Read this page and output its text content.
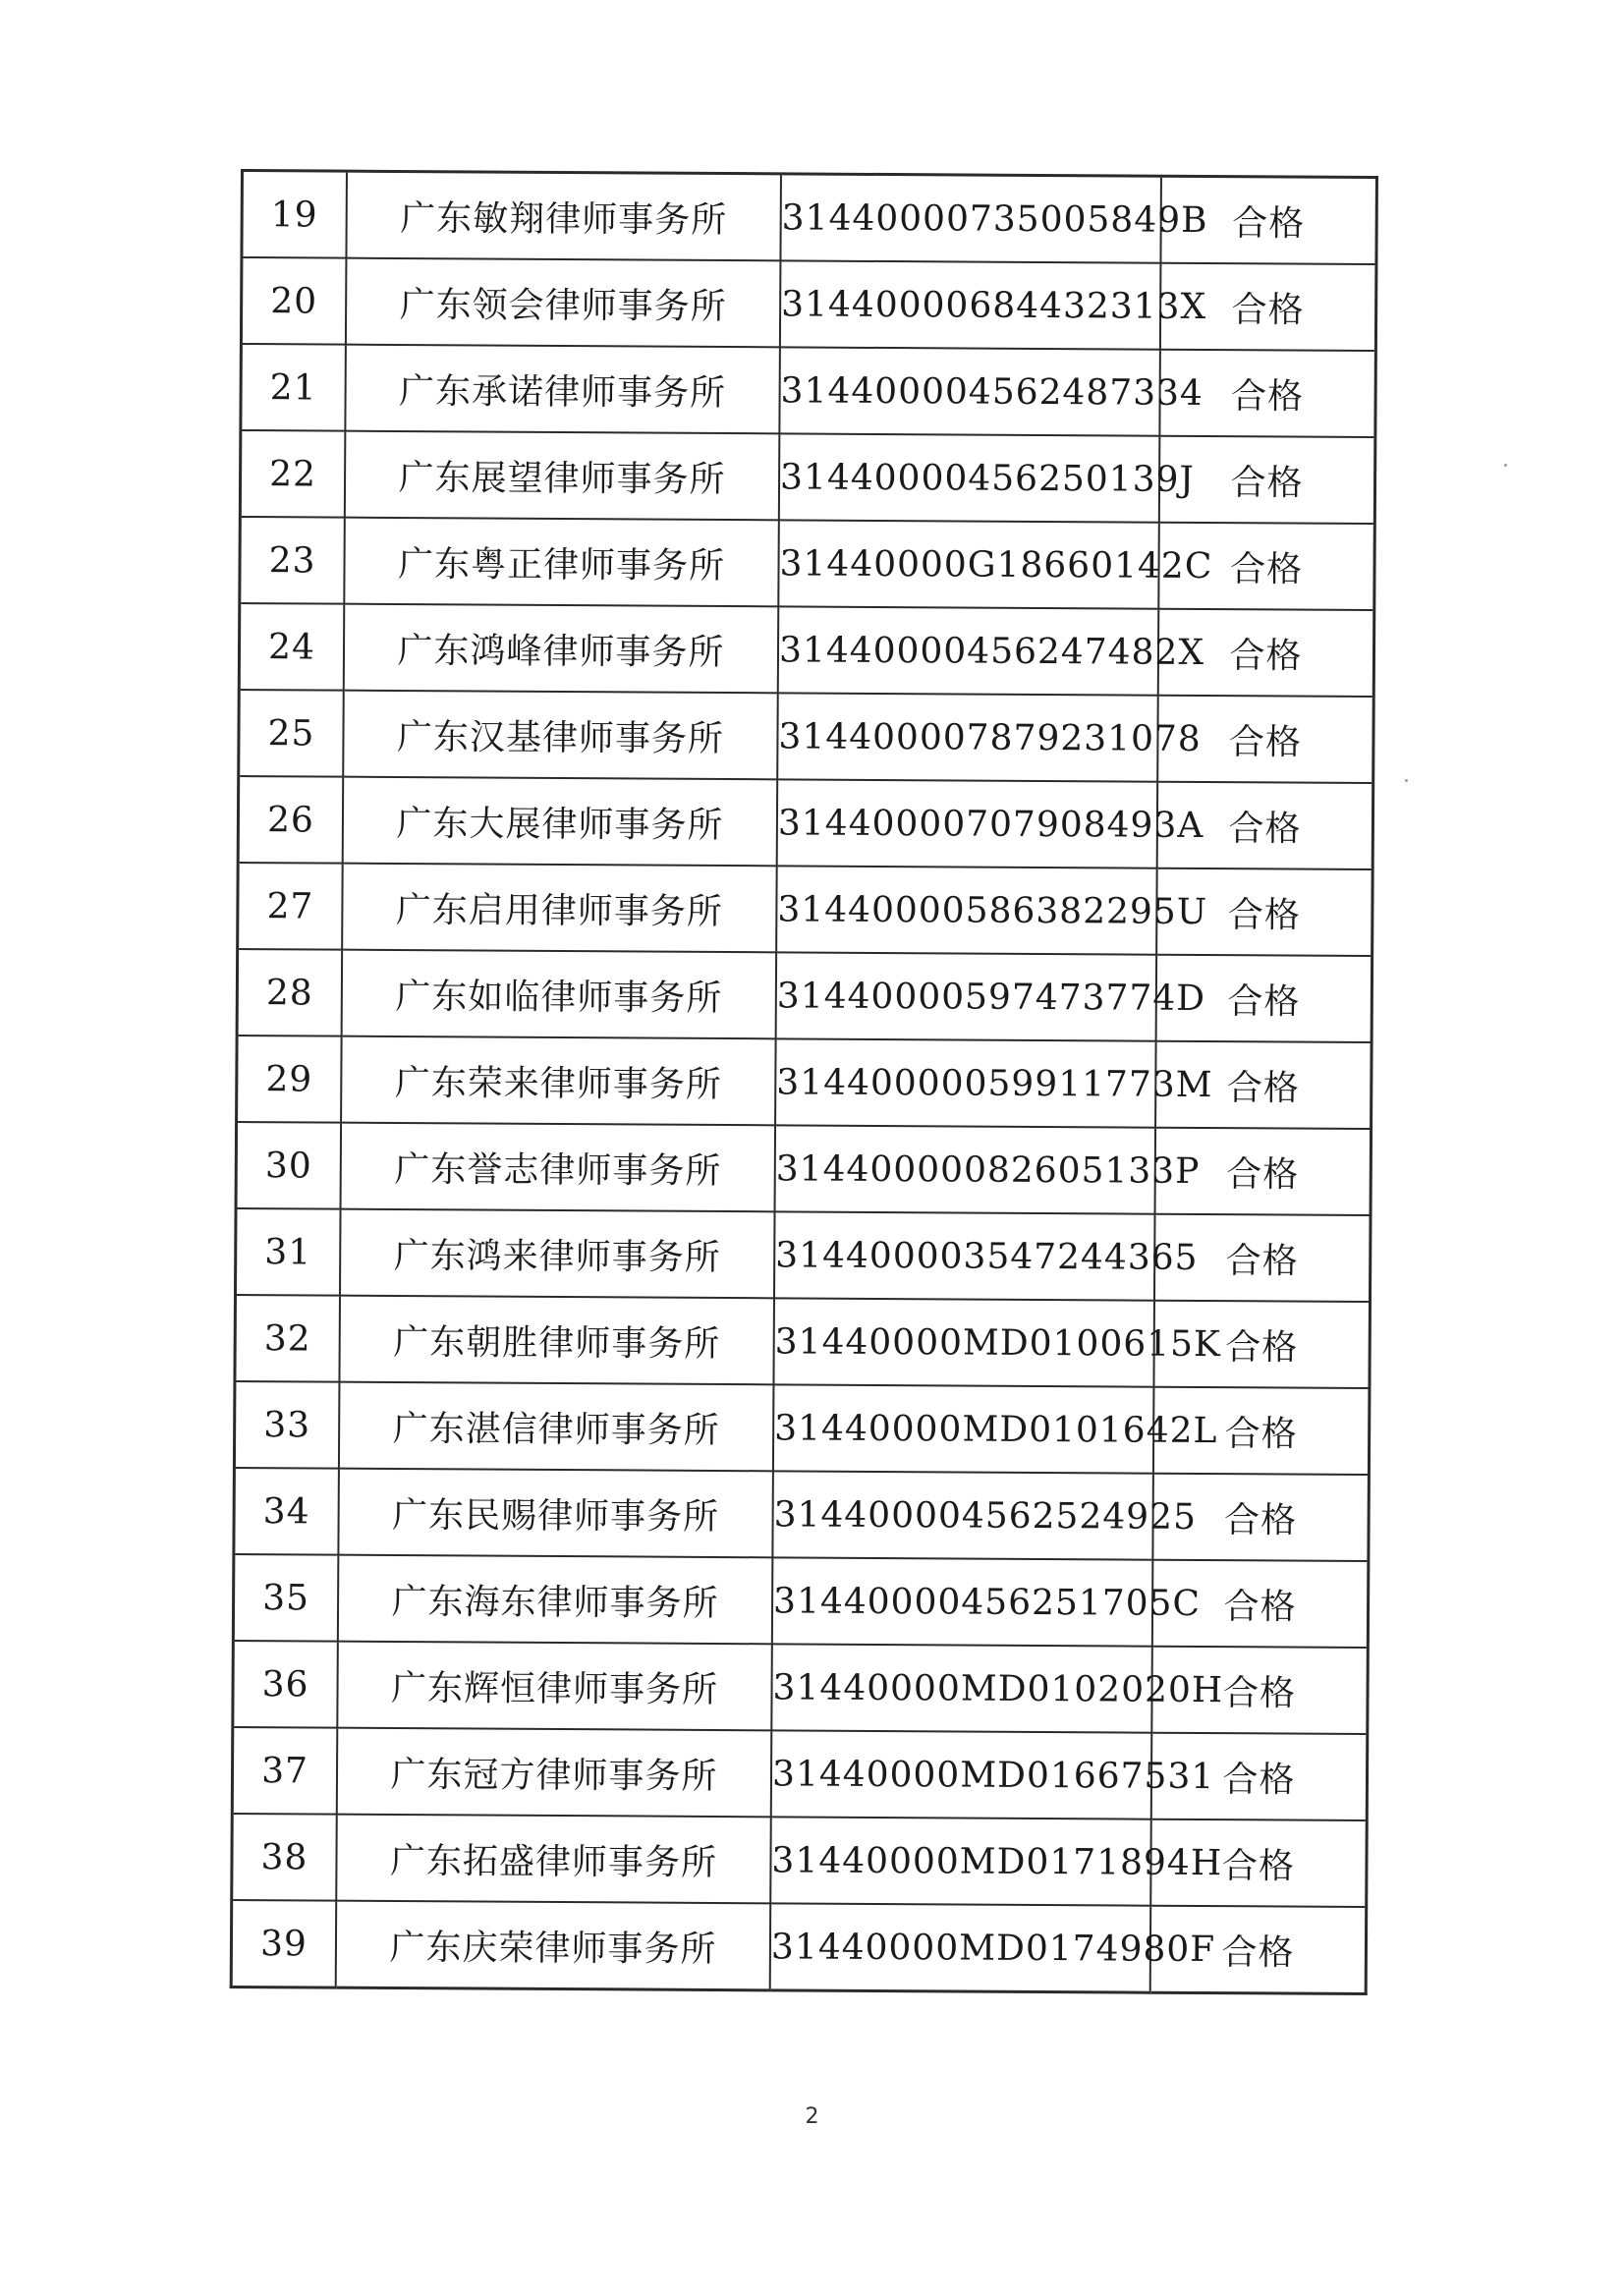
19	广东敏翔律师事务所	31440000735005849B	合格
20	广东领会律师事务所	31440000684432313X	合格
21	广东承诺律师事务所	314400004562487334	合格
22	广东展望律师事务所	31440000456250139J	合格
23	广东粤正律师事务所	31440000G18660142C	合格
24	广东鸿峰律师事务所	31440000456247482X	合格
25	广东汉基律师事务所	314400007879231078	合格
26	广东大展律师事务所	31440000707908493A	合格
27	广东启用律师事务所	31440000586382295U	合格
28	广东如临律师事务所	31440000597473774D	合格
29	广东荣来律师事务所	31440000059911773M	合格
30	广东誉志律师事务所	31440000082605133P	合格
31	广东鸿来律师事务所	314400003547244365	合格
32	广东朝胜律师事务所	31440000MD0100615K	合格
33	广东湛信律师事务所	31440000MD0101642L	合格
34	广东民赐律师事务所	314400004562524925	合格
35	广东海东律师事务所	31440000456251705C	合格
36	广东辉恒律师事务所	31440000MD0102020H	合格
37	广东冠方律师事务所	31440000MD01667531	合格
38	广东拓盛律师事务所	31440000MD0171894H	合格
39	广东庆荣律师事务所	31440000MD0174980F	合格
2
